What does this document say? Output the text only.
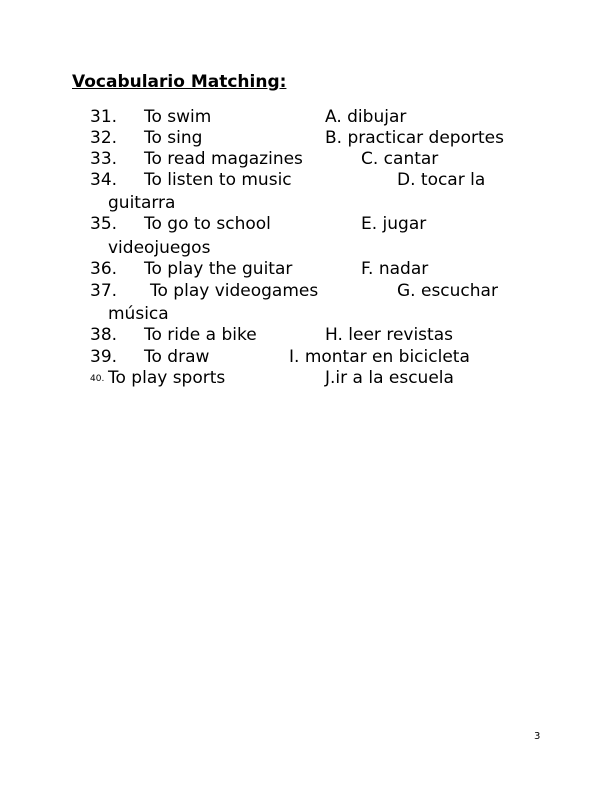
Vocabulario Matching:
31. To swim	A. dibujar
32. To sing	B. practicar deportes
33. To read magazines	C. cantar
34. To listen to music	D. tocar la
guitarra
35. To go to school	E. jugar
videojuegos
36. To play the guitar	F. nadar
37. To play videogames	G. escuchar
música
38. To ride a bike	H. leer revistas
39. To draw	I. montar en bicicleta
40. To play sports	J.ir a la escuela
3
